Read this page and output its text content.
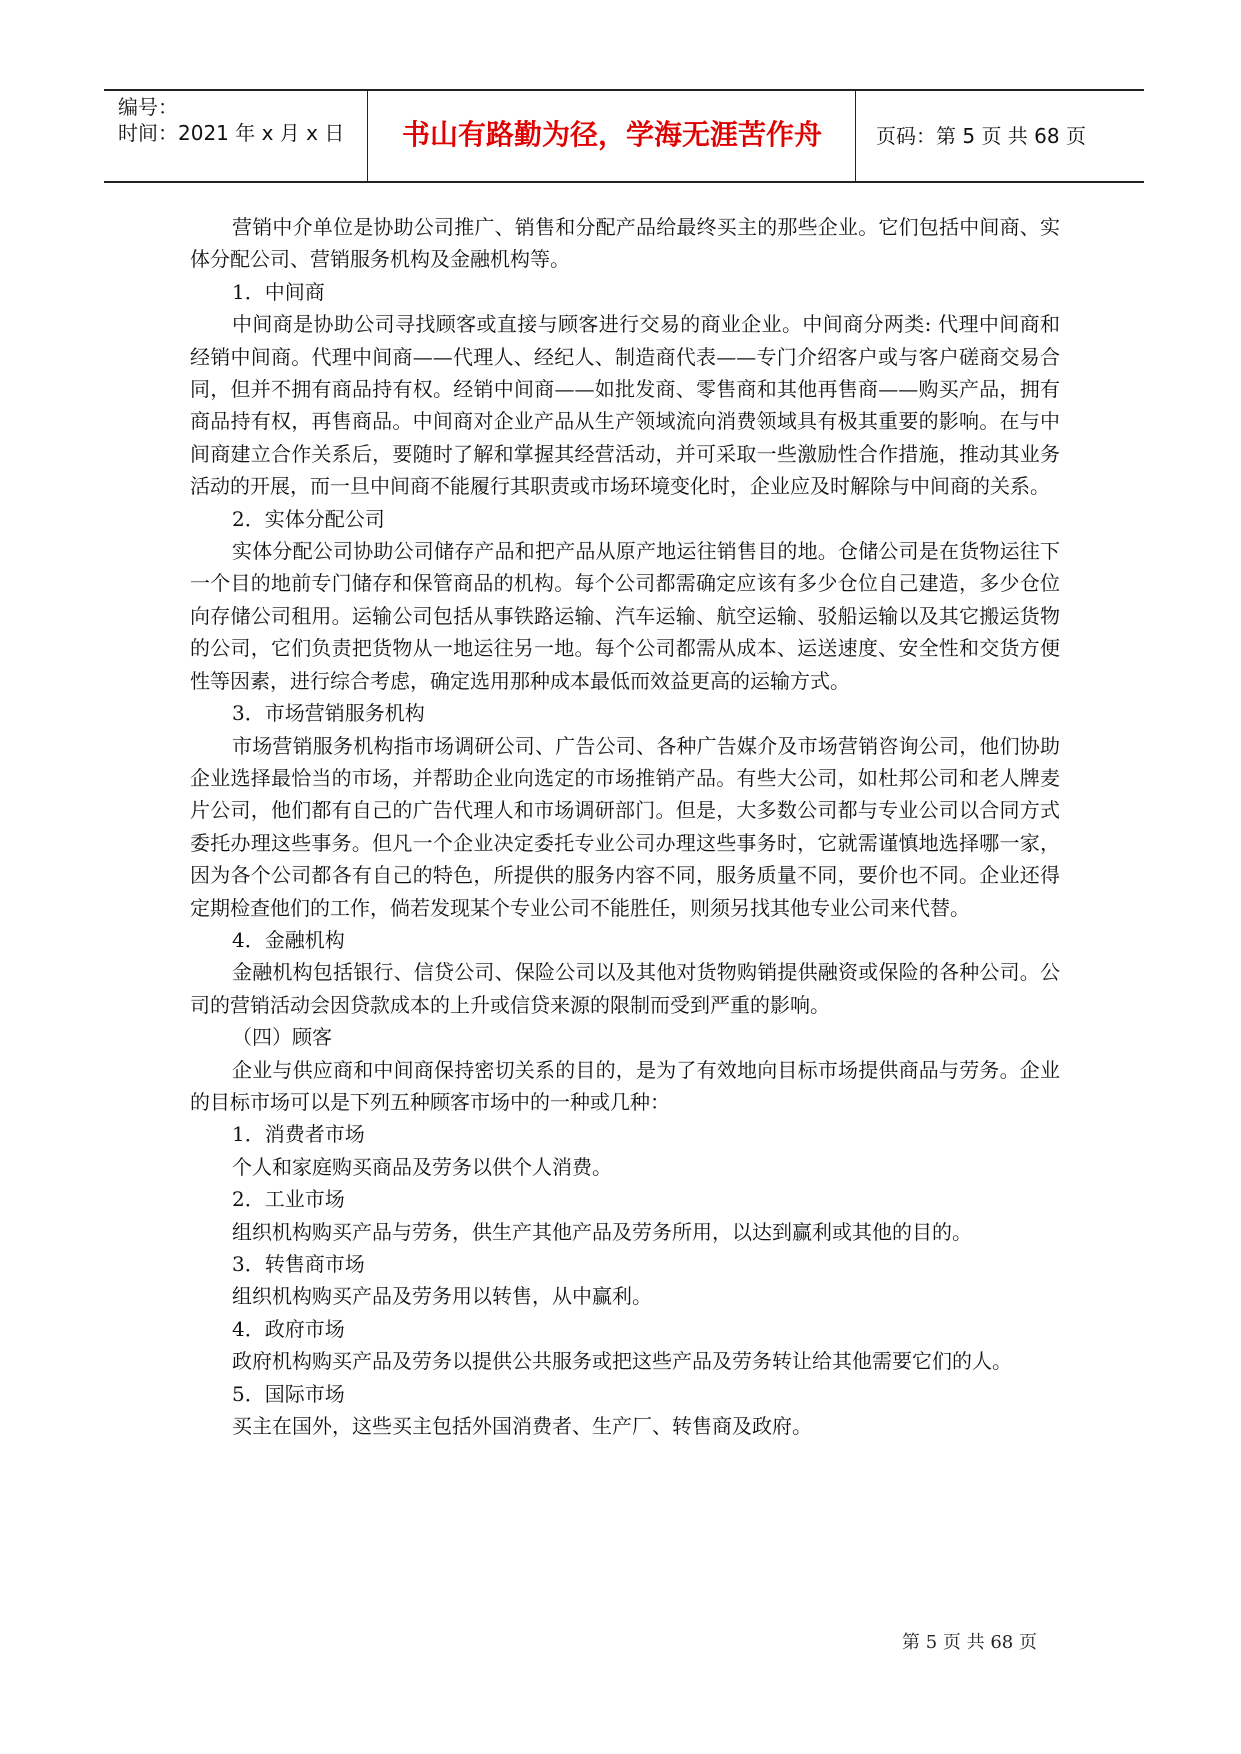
编号：
时间：2021 年 x 月 x 日	书山有路勤为径，学海无涯苦作舟	页码：第 5 页 共 68 页

营销中介单位是协助公司推广、销售和分配产品给最终买主的那些企业。它们包括中间商、实体分配公司、营销服务机构及金融机构等。

1．中间商

中间商是协助公司寻找顾客或直接与顾客进行交易的商业企业。中间商分两类: 代理中间商和经销中间商。代理中间商——代理人、经纪人、制造商代表——专门介绍客户或与客户磋商交易合同，但并不拥有商品持有权。经销中间商——如批发商、零售商和其他再售商——购买产品，拥有商品持有权，再售商品。中间商对企业产品从生产领域流向消费领域具有极其重要的影响。在与中间商建立合作关系后，要随时了解和掌握其经营活动，并可采取一些激励性合作措施，推动其业务活动的开展，而一旦中间商不能履行其职责或市场环境变化时，企业应及时解除与中间商的关系。

2．实体分配公司

实体分配公司协助公司储存产品和把产品从原产地运往销售目的地。仓储公司是在货物运往下一个目的地前专门储存和保管商品的机构。每个公司都需确定应该有多少仓位自己建造，多少仓位向存储公司租用。运输公司包括从事铁路运输、汽车运输、航空运输、驳船运输以及其它搬运货物的公司，它们负责把货物从一地运往另一地。每个公司都需从成本、运送速度、安全性和交货方便性等因素，进行综合考虑，确定选用那种成本最低而效益更高的运输方式。

3．市场营销服务机构

市场营销服务机构指市场调研公司、广告公司、各种广告媒介及市场营销咨询公司，他们协助企业选择最恰当的市场，并帮助企业向选定的市场推销产品。有些大公司，如杜邦公司和老人牌麦片公司，他们都有自己的广告代理人和市场调研部门。但是，大多数公司都与专业公司以合同方式委托办理这些事务。但凡一个企业决定委托专业公司办理这些事务时，它就需谨慎地选择哪一家，因为各个公司都各有自己的特色，所提供的服务内容不同，服务质量不同，要价也不同。企业还得定期检查他们的工作，倘若发现某个专业公司不能胜任，则须另找其他专业公司来代替。

4．金融机构

金融机构包括银行、信贷公司、保险公司以及其他对货物购销提供融资或保险的各种公司。公司的营销活动会因贷款成本的上升或信贷来源的限制而受到严重的影响。

（四）顾客

企业与供应商和中间商保持密切关系的目的，是为了有效地向目标市场提供商品与劳务。企业的目标市场可以是下列五种顾客市场中的一种或几种：

1．消费者市场

个人和家庭购买商品及劳务以供个人消费。

2．工业市场

组织机构购买产品与劳务，供生产其他产品及劳务所用，以达到赢利或其他的目的。

3．转售商市场

组织机构购买产品及劳务用以转售，从中赢利。

4．政府市场

政府机构购买产品及劳务以提供公共服务或把这些产品及劳务转让给其他需要它们的人。

5．国际市场

买主在国外，这些买主包括外国消费者、生产厂、转售商及政府。

第 5 页 共 68 页
